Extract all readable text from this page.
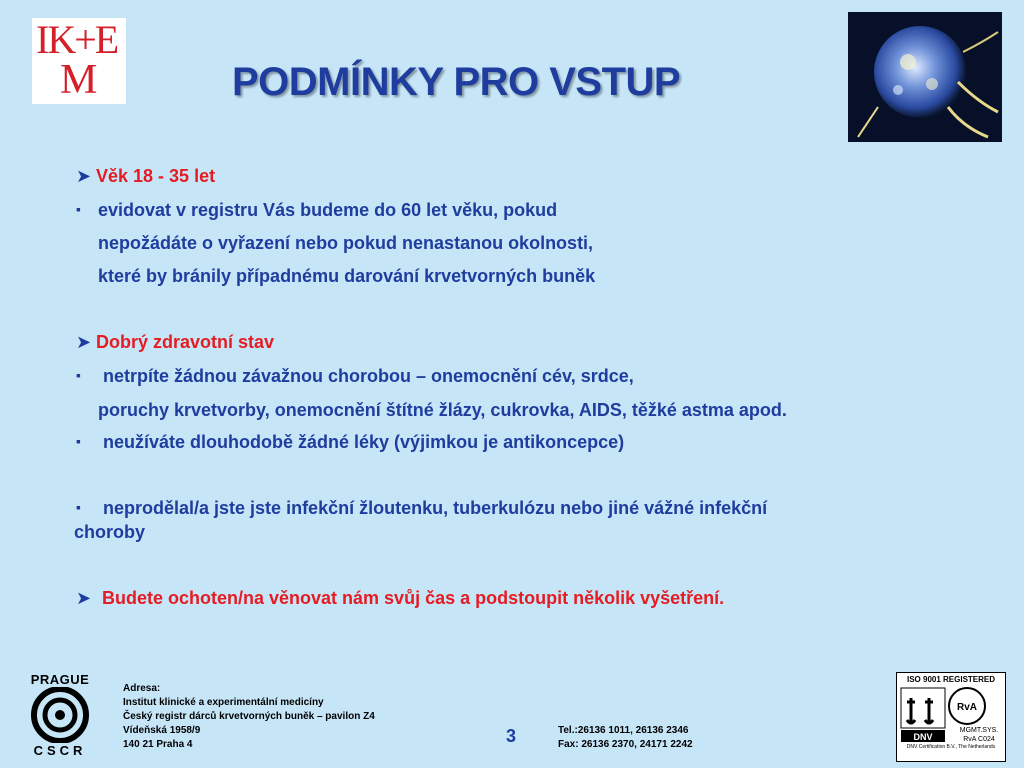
IK+E
M	PODMÍNKY PRO VSTUP
➤ Věk 18 - 35 let
▪ evidovat v registru Vás budeme do 60 let věku, pokud
nepožádáte o vyřazení nebo pokud nenastanou okolnosti,
které by bránily případnému darování krvetvorných buněk
➤ Dobrý zdravotní stav
▪ netrpíte žádnou závažnou chorobou – onemocnění cév, srdce,
poruchy krvetvorby, onemocnění štítné žlázy, cukrovka, AIDS, těžké astma apod.
▪ neužíváte dlouhodobě žádné léky (výjimkou je antikoncepce)
▪ neprodělal/a jste jste infekční žloutenku, tuberkulózu nebo jiné vážné infekční
choroby
➤ Budete ochoten/na věnovat nám svůj čas a podstoupit několik vyšetření.
PRAGUE
CSCR
Adresa:
Institut klinické a experimentální medicíny
Český registr dárců krvetvorných buněk – pavilon Z4
Vídeňská 1958/9
140 21 Praha 4	3	Tel.:26136 1011, 26136 2346
Fax: 26136 2370, 24171 2242
ISO 9001 REGISTERED
RvA
DNV
MGMT.SYS.
RvA C024
DNV Certification B.V., The Netherlands
